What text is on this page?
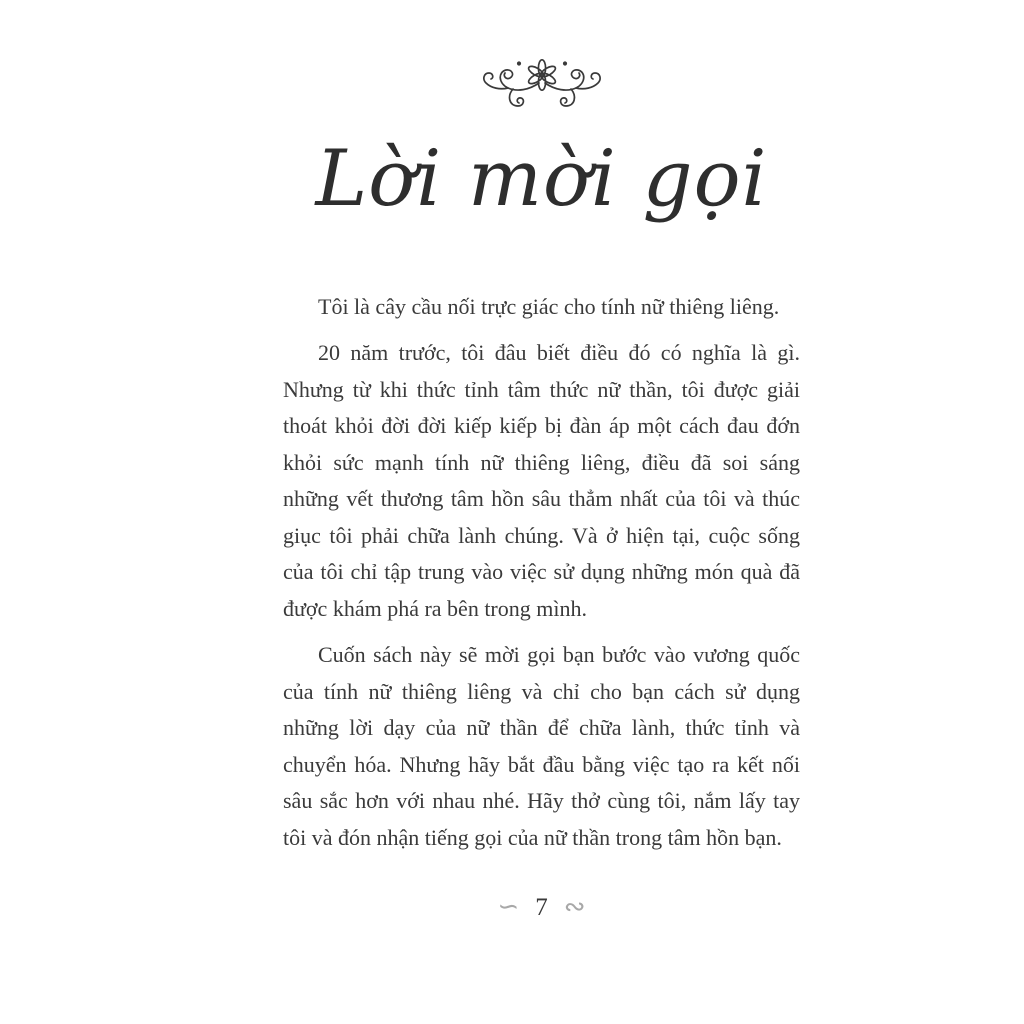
Lời mời gọi

Tôi là cây cầu nối trực giác cho tính nữ thiêng liêng.

20 năm trước, tôi đâu biết điều đó có nghĩa là gì. Nhưng từ khi thức tỉnh tâm thức nữ thần, tôi được giải thoát khỏi đời đời kiếp kiếp bị đàn áp một cách đau đớn khỏi sức mạnh tính nữ thiêng liêng, điều đã soi sáng những vết thương tâm hồn sâu thẳm nhất của tôi và thúc giục tôi phải chữa lành chúng. Và ở hiện tại, cuộc sống của tôi chỉ tập trung vào việc sử dụng những món quà đã được khám phá ra bên trong mình.

Cuốn sách này sẽ mời gọi bạn bước vào vương quốc của tính nữ thiêng liêng và chỉ cho bạn cách sử dụng những lời dạy của nữ thần để chữa lành, thức tỉnh và chuyển hóa. Nhưng hãy bắt đầu bằng việc tạo ra kết nối sâu sắc hơn với nhau nhé. Hãy thở cùng tôi, nắm lấy tay tôi và đón nhận tiếng gọi của nữ thần trong tâm hồn bạn.

∽ 7 ∾
